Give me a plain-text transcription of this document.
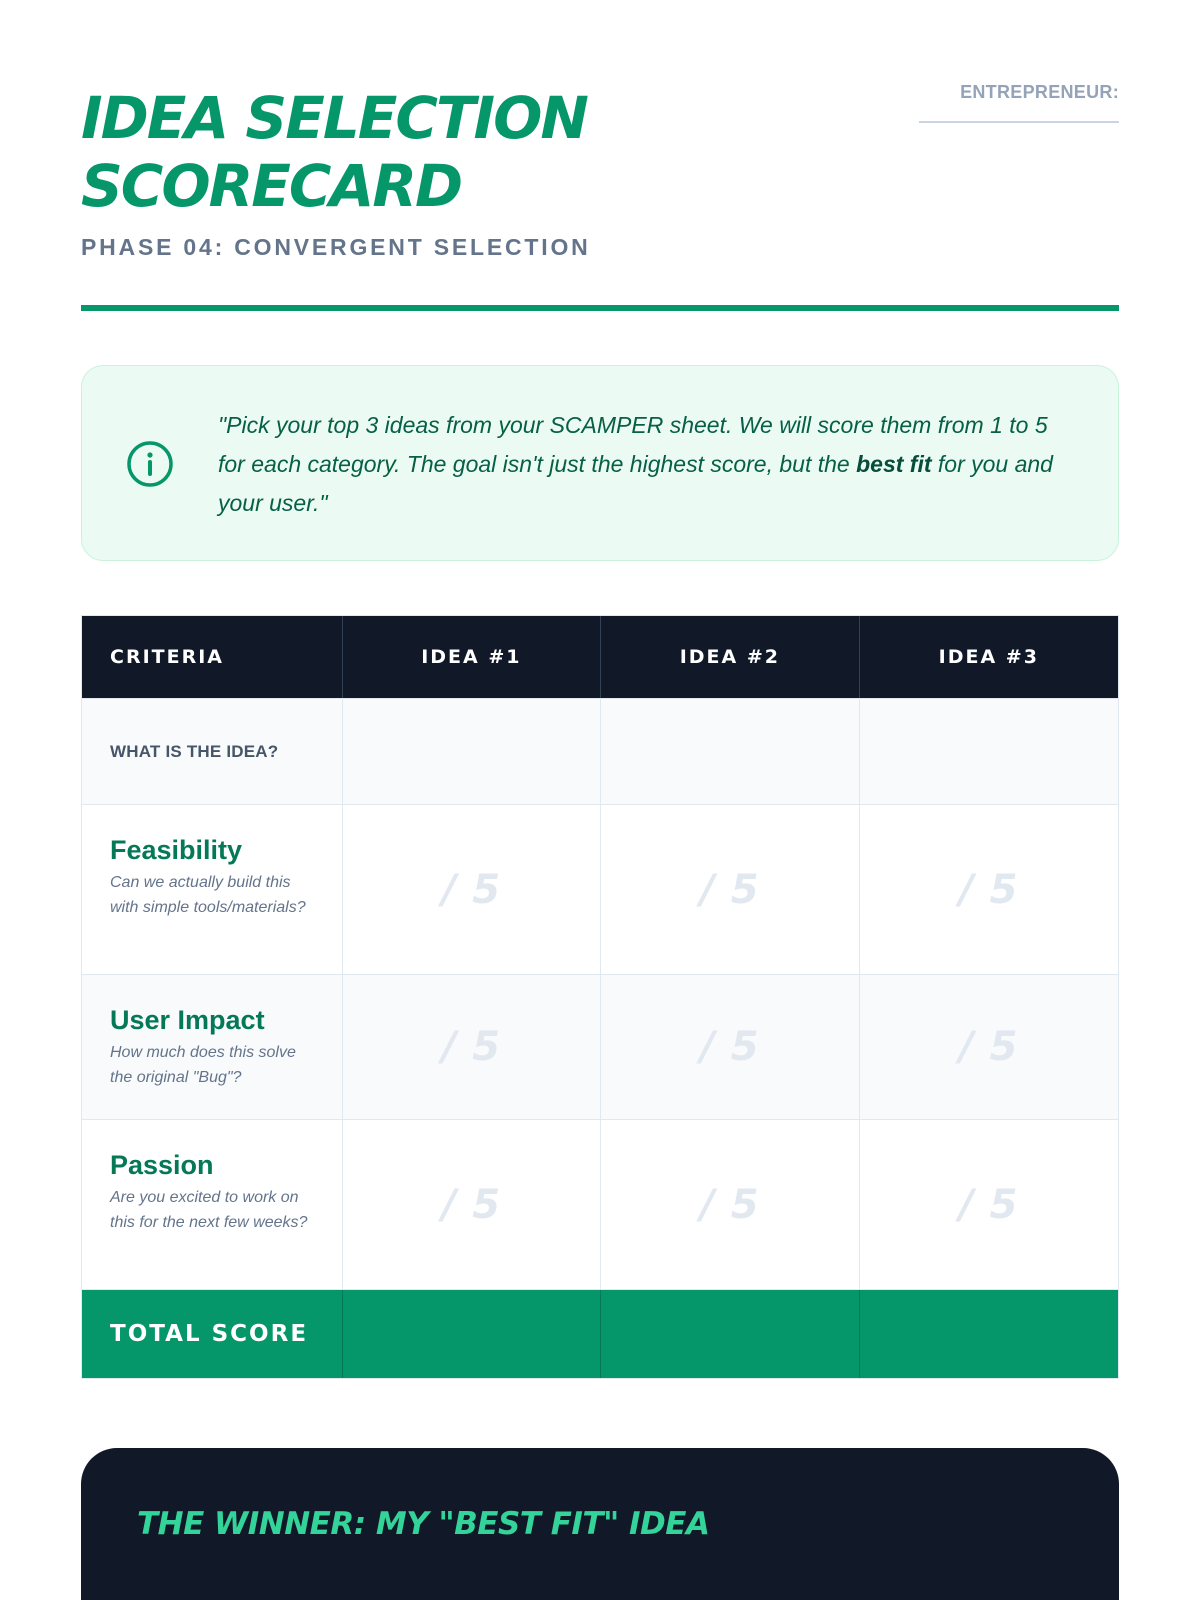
IDEA SELECTION
SCORECARD
PHASE 04: CONVERGENT SELECTION
ENTREPRENEUR:

"Pick your top 3 ideas from your SCAMPER sheet. We will score them from 1 to 5 for each category. The goal isn't just the highest score, but the best fit for you and your user."

CRITERIA	IDEA #1	IDEA #2	IDEA #3
WHAT IS THE IDEA?
Feasibility
Can we actually build this with simple tools/materials?	/ 5	/ 5	/ 5
User Impact
How much does this solve the original "Bug"?
/ 5	/ 5	/ 5
Passion
Are you excited to work on this for the next few weeks?	/ 5	/ 5	/ 5
TOTAL SCORE
THE WINNER: MY "BEST FIT" IDEA
